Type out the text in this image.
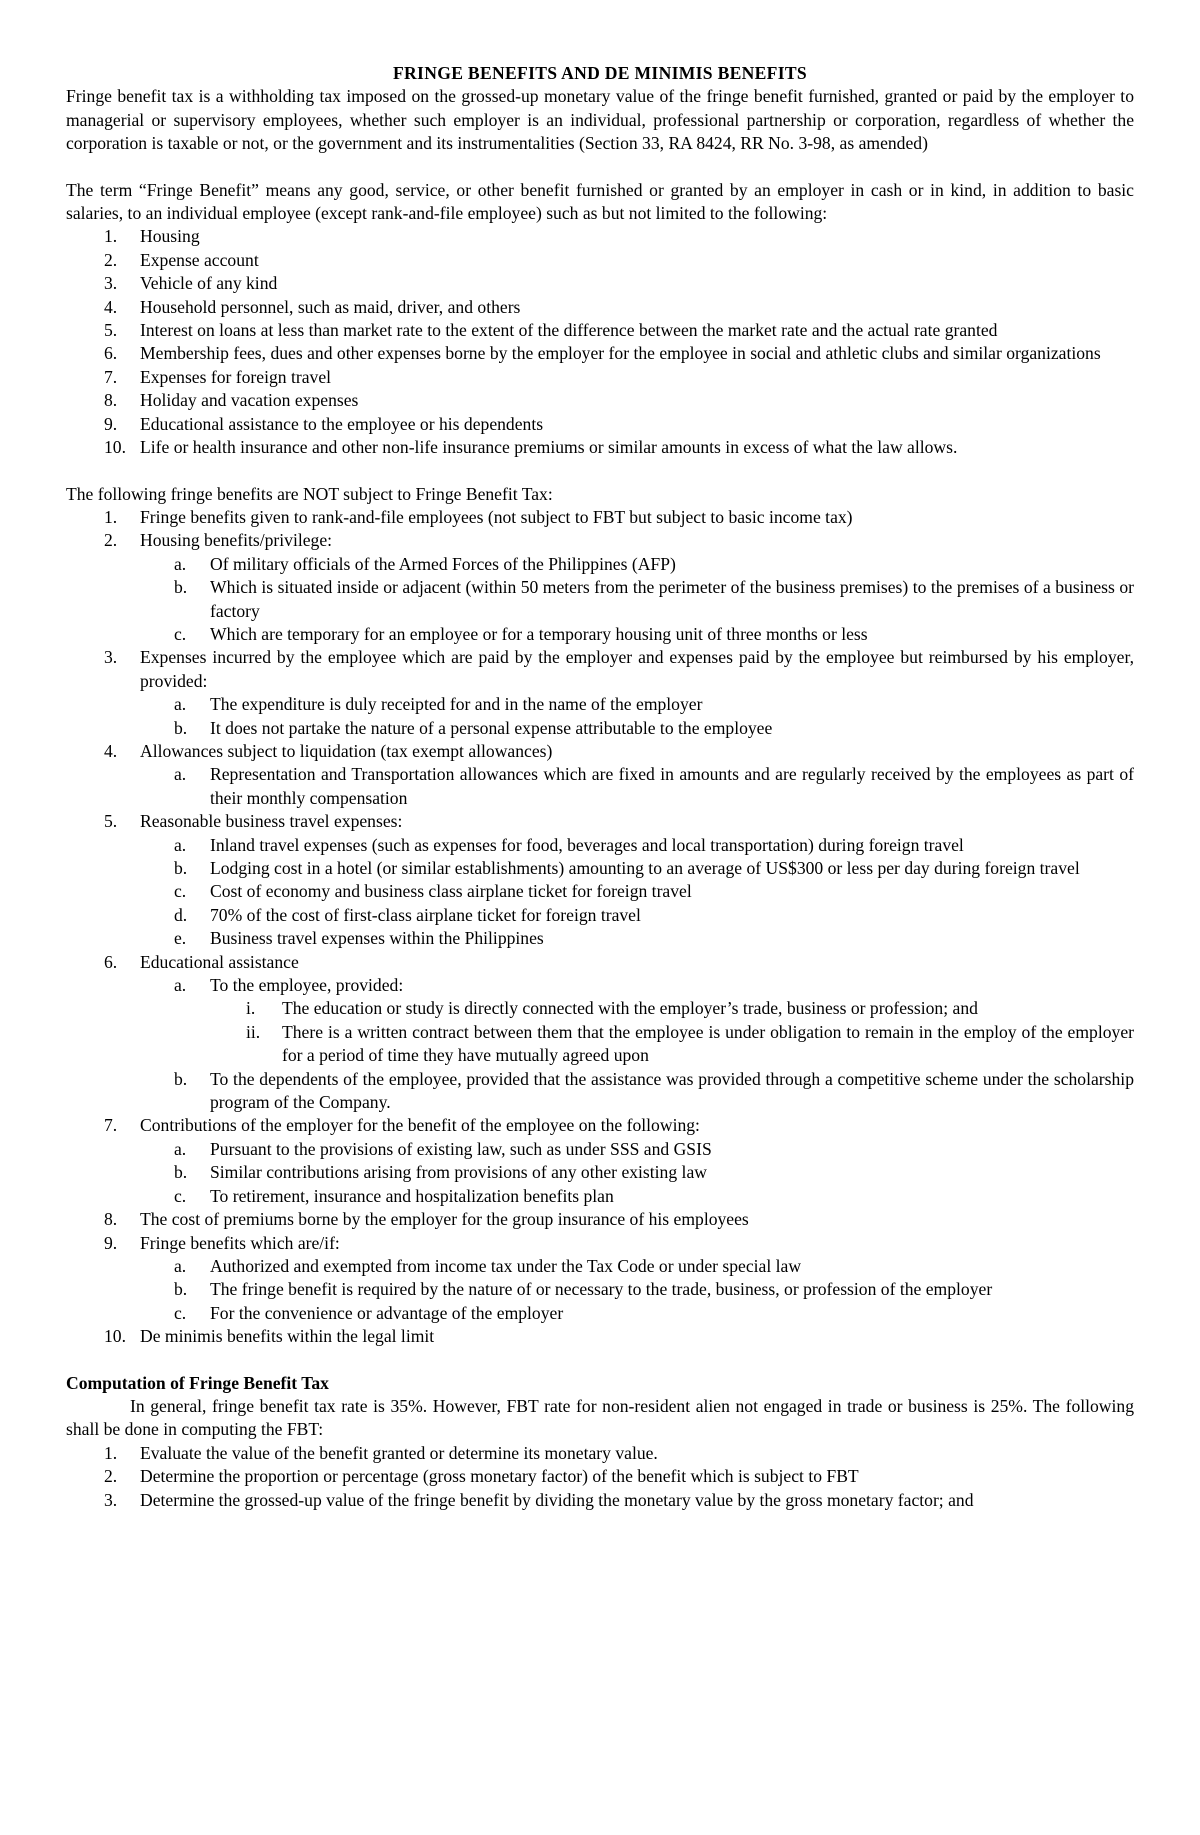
FRINGE BENEFITS AND DE MINIMIS BENEFITS

Fringe benefit tax is a withholding tax imposed on the grossed-up monetary value of the fringe benefit furnished, granted or paid by the employer to managerial or supervisory employees, whether such employer is an individual, professional partnership or corporation, regardless of whether the corporation is taxable or not, or the government and its instrumentalities (Section 33, RA 8424, RR No. 3-98, as amended)

The term “Fringe Benefit” means any good, service, or other benefit furnished or granted by an employer in cash or in kind, in addition to basic salaries, to an individual employee (except rank-and-file employee) such as but not limited to the following:

1. Housing
2. Expense account
3. Vehicle of any kind
4. Household personnel, such as maid, driver, and others
5. Interest on loans at less than market rate to the extent of the difference between the market rate and the actual rate granted
6. Membership fees, dues and other expenses borne by the employer for the employee in social and athletic clubs and similar organizations
7. Expenses for foreign travel
8. Holiday and vacation expenses
9. Educational assistance to the employee or his dependents
10. Life or health insurance and other non-life insurance premiums or similar amounts in excess of what the law allows.

The following fringe benefits are NOT subject to Fringe Benefit Tax:

1. Fringe benefits given to rank-and-file employees (not subject to FBT but subject to basic income tax)
2. Housing benefits/privilege:
a. Of military officials of the Armed Forces of the Philippines (AFP)
b. Which is situated inside or adjacent (within 50 meters from the perimeter of the business premises) to the premises of a business or factory
c. Which are temporary for an employee or for a temporary housing unit of three months or less
3. Expenses incurred by the employee which are paid by the employer and expenses paid by the employee but reimbursed by his employer, provided:
a. The expenditure is duly receipted for and in the name of the employer
b. It does not partake the nature of a personal expense attributable to the employee
4. Allowances subject to liquidation (tax exempt allowances)
a. Representation and Transportation allowances which are fixed in amounts and are regularly received by the employees as part of their monthly compensation
5. Reasonable business travel expenses:
a. Inland travel expenses (such as expenses for food, beverages and local transportation) during foreign travel
b. Lodging cost in a hotel (or similar establishments) amounting to an average of US$300 or less per day during foreign travel
c. Cost of economy and business class airplane ticket for foreign travel
d. 70% of the cost of first-class airplane ticket for foreign travel
e. Business travel expenses within the Philippines
6. Educational assistance
a. To the employee, provided:
i. The education or study is directly connected with the employer’s trade, business or profession; and
ii. There is a written contract between them that the employee is under obligation to remain in the employ of the employer for a period of time they have mutually agreed upon
b. To the dependents of the employee, provided that the assistance was provided through a competitive scheme under the scholarship program of the Company.
7. Contributions of the employer for the benefit of the employee on the following:
a. Pursuant to the provisions of existing law, such as under SSS and GSIS
b. Similar contributions arising from provisions of any other existing law
c. To retirement, insurance and hospitalization benefits plan
8. The cost of premiums borne by the employer for the group insurance of his employees
9. Fringe benefits which are/if:
a. Authorized and exempted from income tax under the Tax Code or under special law
b. The fringe benefit is required by the nature of or necessary to the trade, business, or profession of the employer
c. For the convenience or advantage of the employer
10. De minimis benefits within the legal limit

Computation of Fringe Benefit Tax

In general, fringe benefit tax rate is 35%. However, FBT rate for non-resident alien not engaged in trade or business is 25%. The following shall be done in computing the FBT:

1. Evaluate the value of the benefit granted or determine its monetary value.
2. Determine the proportion or percentage (gross monetary factor) of the benefit which is subject to FBT
3. Determine the grossed-up value of the fringe benefit by dividing the monetary value by the gross monetary factor; and
